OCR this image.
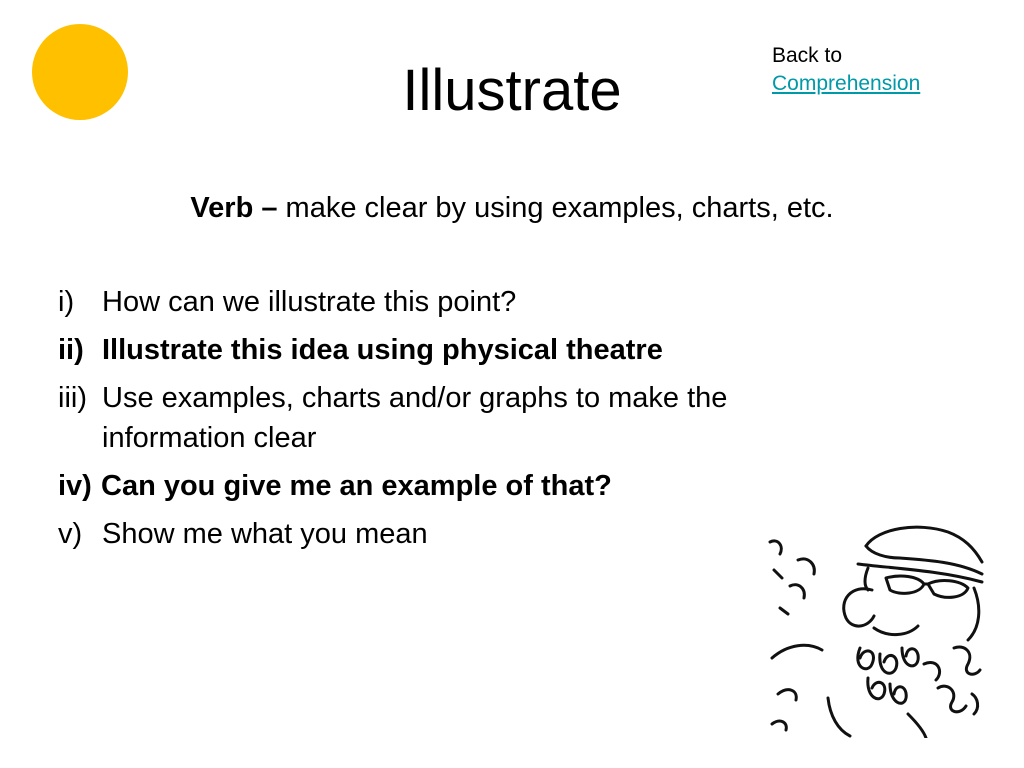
Illustrate
Back to
Comprehension
Verb – make clear by using examples, charts, etc.
i) How can we illustrate this point?
ii) Illustrate this idea using physical theatre
iii) Use examples, charts and/or graphs to make the information clear
iv) Can you give me an example of that?
v) Show me what you mean
